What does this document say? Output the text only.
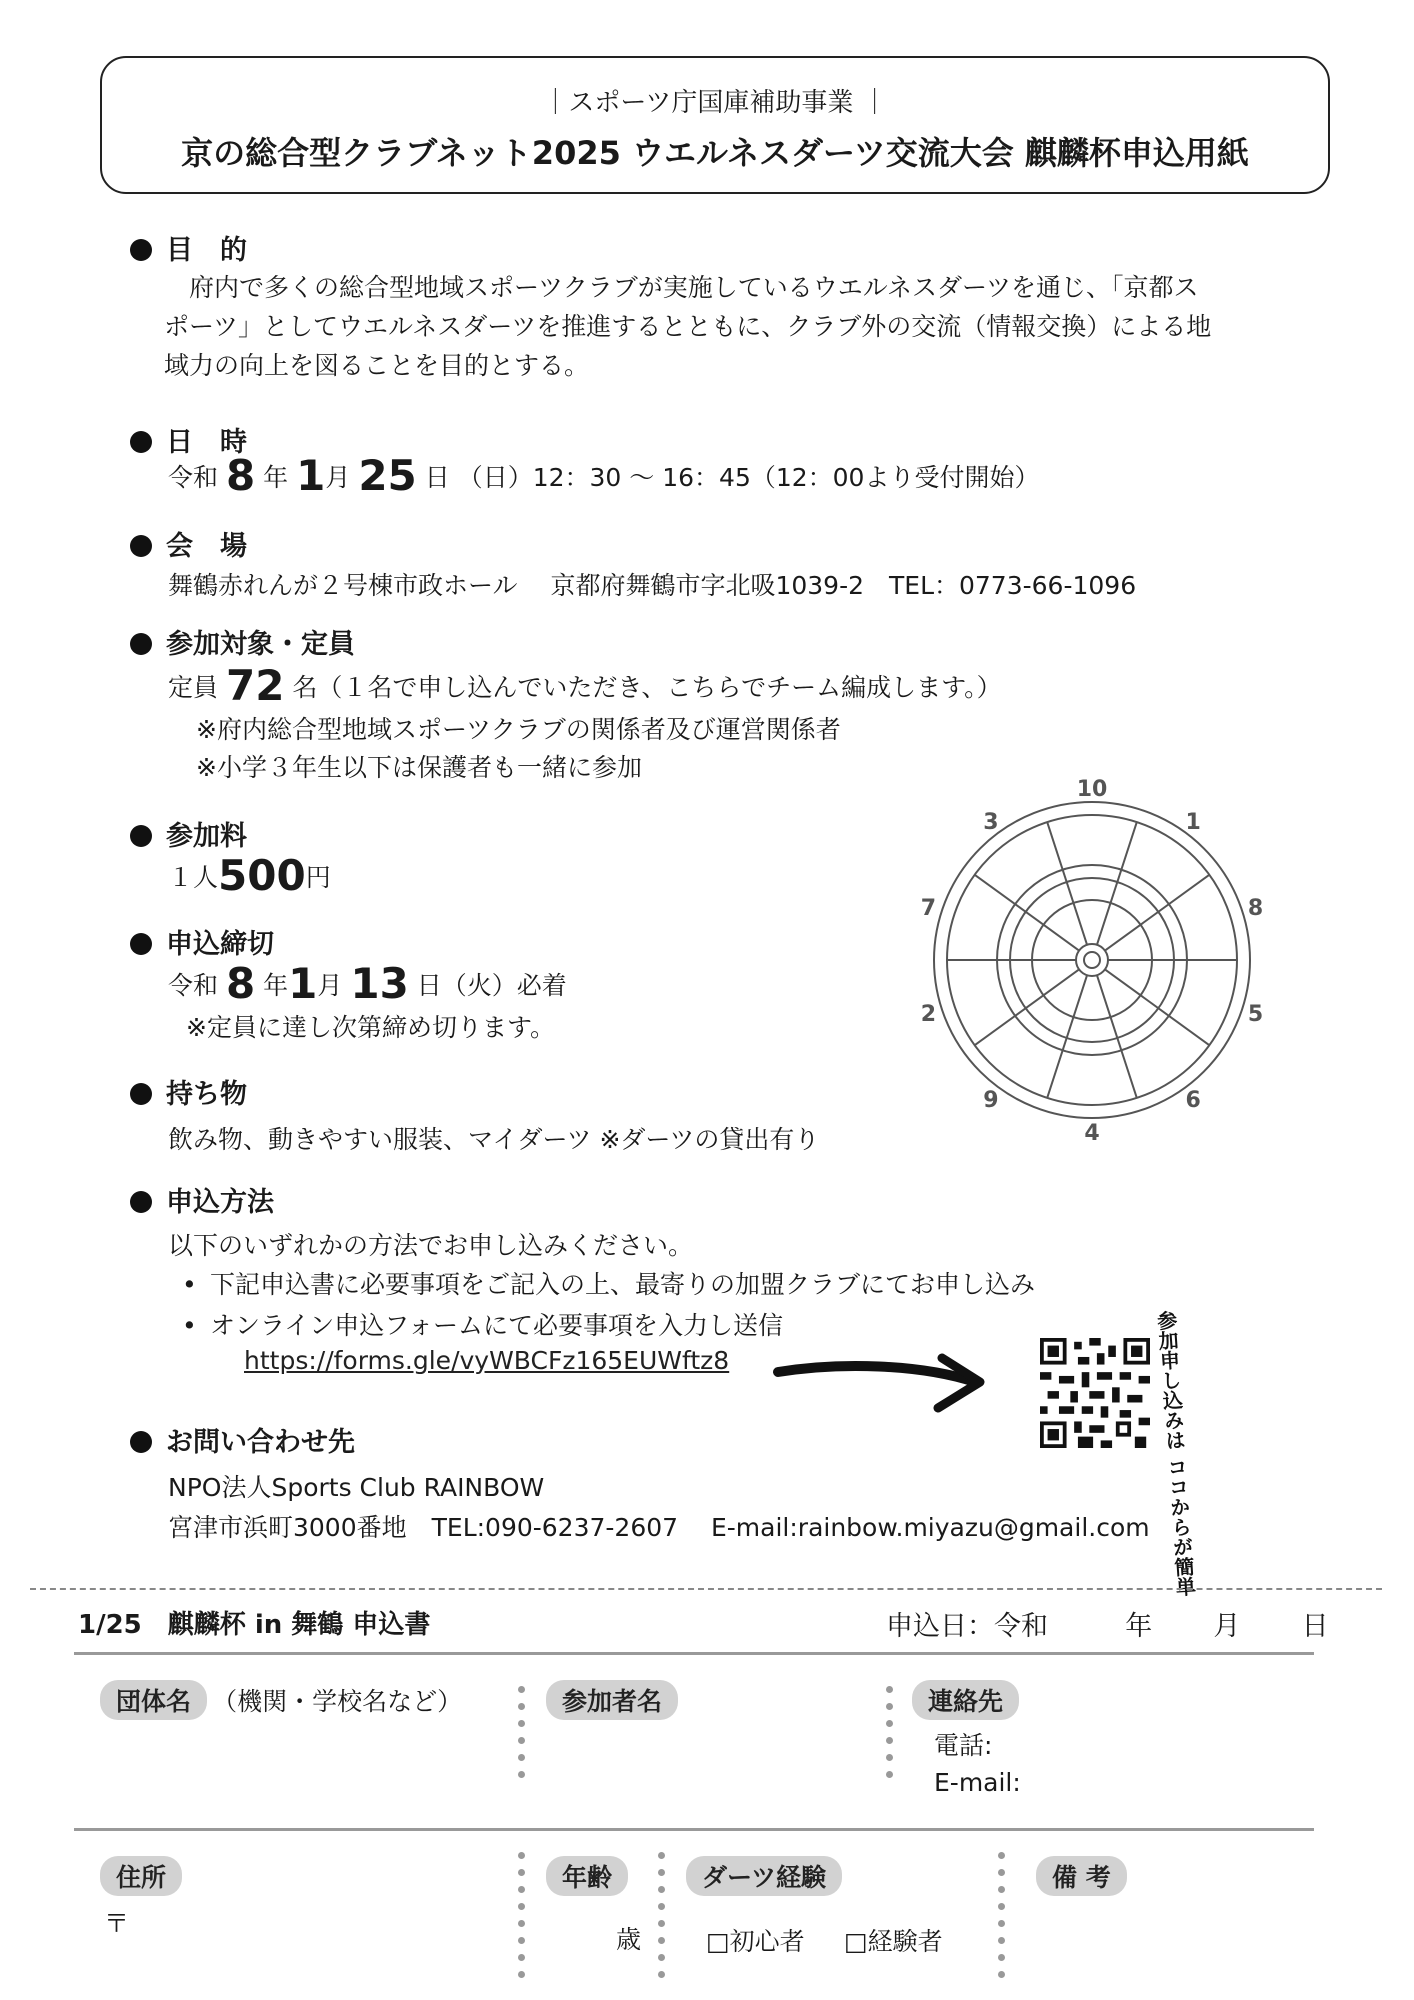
｜スポーツ庁国庫補助事業 ｜
京の総合型クラブネット2025 ウエルネスダーツ交流大会 麒麟杯申込用紙
目　的
　府内で多くの総合型地域スポーツクラブが実施しているウエルネスダーツを通じ、「京都ス
ポーツ」としてウエルネスダーツを推進するとともに、クラブ外の交流（情報交換）による地
域力の向上を図ることを目的とする。
日　時
令和 8 年 1月 25 日 （日）12：30 ～ 16：45（12：00より受付開始）
会　場
舞鶴赤れんが２号棟市政ホール　 京都府舞鶴市字北吸1039-2　TEL：0773-66-1096
参加対象・定員
定員 72 名（１名で申し込んでいただき、こちらでチーム編成します。）
※府内総合型地域スポーツクラブの関係者及び運営関係者
※小学３年生以下は保護者も一緒に参加
参加料
１人500円
申込締切
令和 8 年1月 13 日（火）必着
※定員に達し次第締め切ります。
持ち物
飲み物、動きやすい服装、マイダーツ ※ダーツの貸出有り
申込方法
以下のいずれかの方法でお申し込みください。
• 下記申込書に必要事項をご記入の上、最寄りの加盟クラブにてお申し込み
• オンライン申込フォームにて必要事項を入力し送信
https://forms.gle/vyWBCFz165EUWftz8	参加申し込みは ココからが簡単
お問い合わせ先
NPO法人Sports Club RAINBOW
宮津市浜町3000番地　TEL:090-6237-2607　 E-mail:rainbow.miyazu@gmail.com
10
1
8
5
6
4
9
2
7
3
1/25　麒麟杯 in 舞鶴 申込書	申込日：令和	年 月 日
団体名 （機関・学校名など）	参加者名	連絡先
電話:
E-mail:
住所
〒
年齢
歳
ダーツ経験
□初心者 □経験者
備 考
